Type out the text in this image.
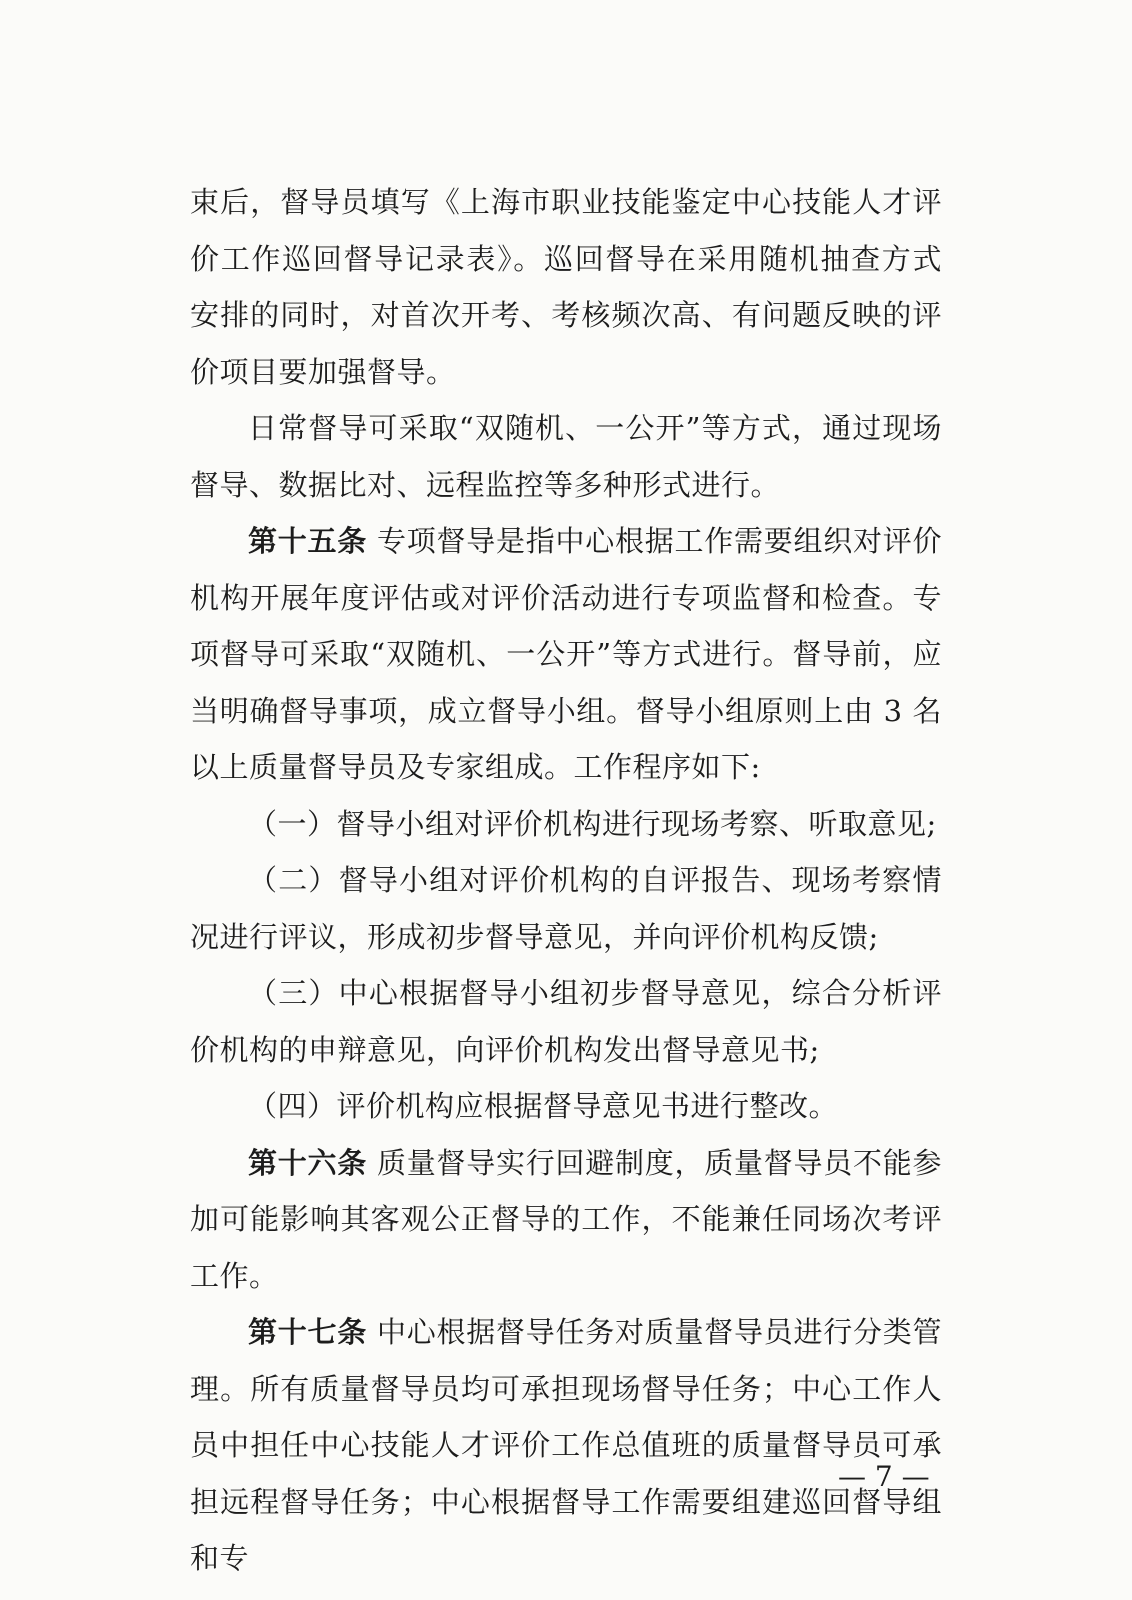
束后，督导员填写《上海市职业技能鉴定中心技能人才评价工作巡回督导记录表》。巡回督导在采用随机抽查方式安排的同时，对首次开考、考核频次高、有问题反映的评价项目要加强督导。

日常督导可采取“双随机、一公开”等方式，通过现场督导、数据比对、远程监控等多种形式进行。

第十五条 专项督导是指中心根据工作需要组织对评价机构开展年度评估或对评价活动进行专项监督和检查。专项督导可采取“双随机、一公开”等方式进行。督导前，应当明确督导事项，成立督导小组。督导小组原则上由 3 名以上质量督导员及专家组成。工作程序如下:

（一）督导小组对评价机构进行现场考察、听取意见;

（二）督导小组对评价机构的自评报告、现场考察情况进行评议，形成初步督导意见，并向评价机构反馈;

（三）中心根据督导小组初步督导意见，综合分析评价机构的申辩意见，向评价机构发出督导意见书;

（四）评价机构应根据督导意见书进行整改。

第十六条 质量督导实行回避制度，质量督导员不能参加可能影响其客观公正督导的工作，不能兼任同场次考评工作。

第十七条 中心根据督导任务对质量督导员进行分类管理。所有质量督导员均可承担现场督导任务；中心工作人员中担任中心技能人才评价工作总值班的质量督导员可承担远程督导任务；中心根据督导工作需要组建巡回督导组和专

— 7 —
